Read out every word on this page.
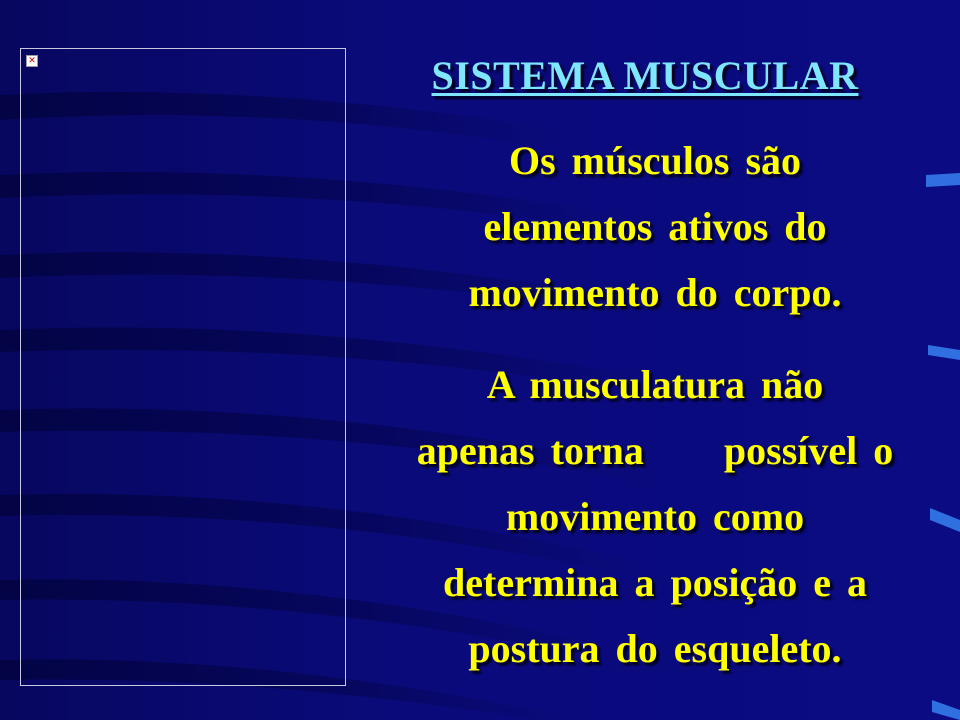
✕	SISTEMA MUSCULAR
Os músculos são
elementos ativos do
movimento do corpo.
A musculatura não
apenas torna     possível o
movimento como
determina a posição e a
postura do esqueleto.
